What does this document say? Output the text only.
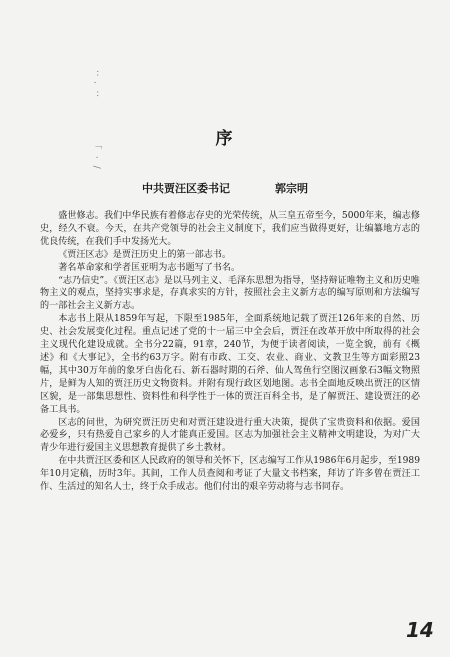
：· ：
「 · /
序
中共贾汪区委书记	郭宗明

盛世修志。我们中华民族有着修志存史的光荣传统，从三皇五帝至今，5000年来，编志修史，经久不衰。今天，在共产党领导的社会主义制度下，我们应当做得更好，让编纂地方志的优良传统，在我们手中发扬光大。

《贾汪区志》是贾汪历史上的第一部志书。

著名革命家和学者匡亚明为志书题写了书名。

“志乃信史”。《贾汪区志》是以马列主义、毛泽东思想为指导，坚持辩证唯物主义和历史唯物主义的观点，坚持实事求是，存真求实的方针，按照社会主义新方志的编写原则和方法编写的一部社会主义新方志。

本志书上限从1859年写起，下限至1985年，全面系统地记载了贾汪126年来的自然、历史、社会发展变化过程。重点记述了党的十一届三中全会后，贾汪在改革开放中所取得的社会主义现代化建设成就。全书分22篇，91章，240节，为便于读者阅读，一览全貌，前有《概述》和《大事记》，全书约63万字。附有市政、工交、农业、商业、文教卫生等方面彩照23幅，其中30万年前的象牙白齿化石、新石器时期的石斧、仙人驾鱼行空图汉画象石3幅文物照片，是鲜为人知的贾汪历史文物资料。并附有现行政区划地图。志书全面地反映出贾汪的区情区貌，是一部集思想性、资料性和科学性于一体的贾汪百科全书，是了解贾汪、建设贾汪的必备工具书。

区志的问世，为研究贾汪历史和对贾汪建设进行重大决策，提供了宝贵资料和依据。爱国必爱乡，只有热爱自己家乡的人才能真正爱国。区志为加强社会主义精神文明建设，为对广大青少年进行爱国主义思想教育提供了乡土教材。

在中共贾汪区委和区人民政府的领导和关怀下，区志编写工作从1986年6月起步，至1989年10月定稿，历时3年。其间，工作人员查阅和考证了大量文书档案，拜访了许多曾在贾汪工作、生活过的知名人士，终于众手成志。他们付出的艰辛劳动将与志书同存。

14
